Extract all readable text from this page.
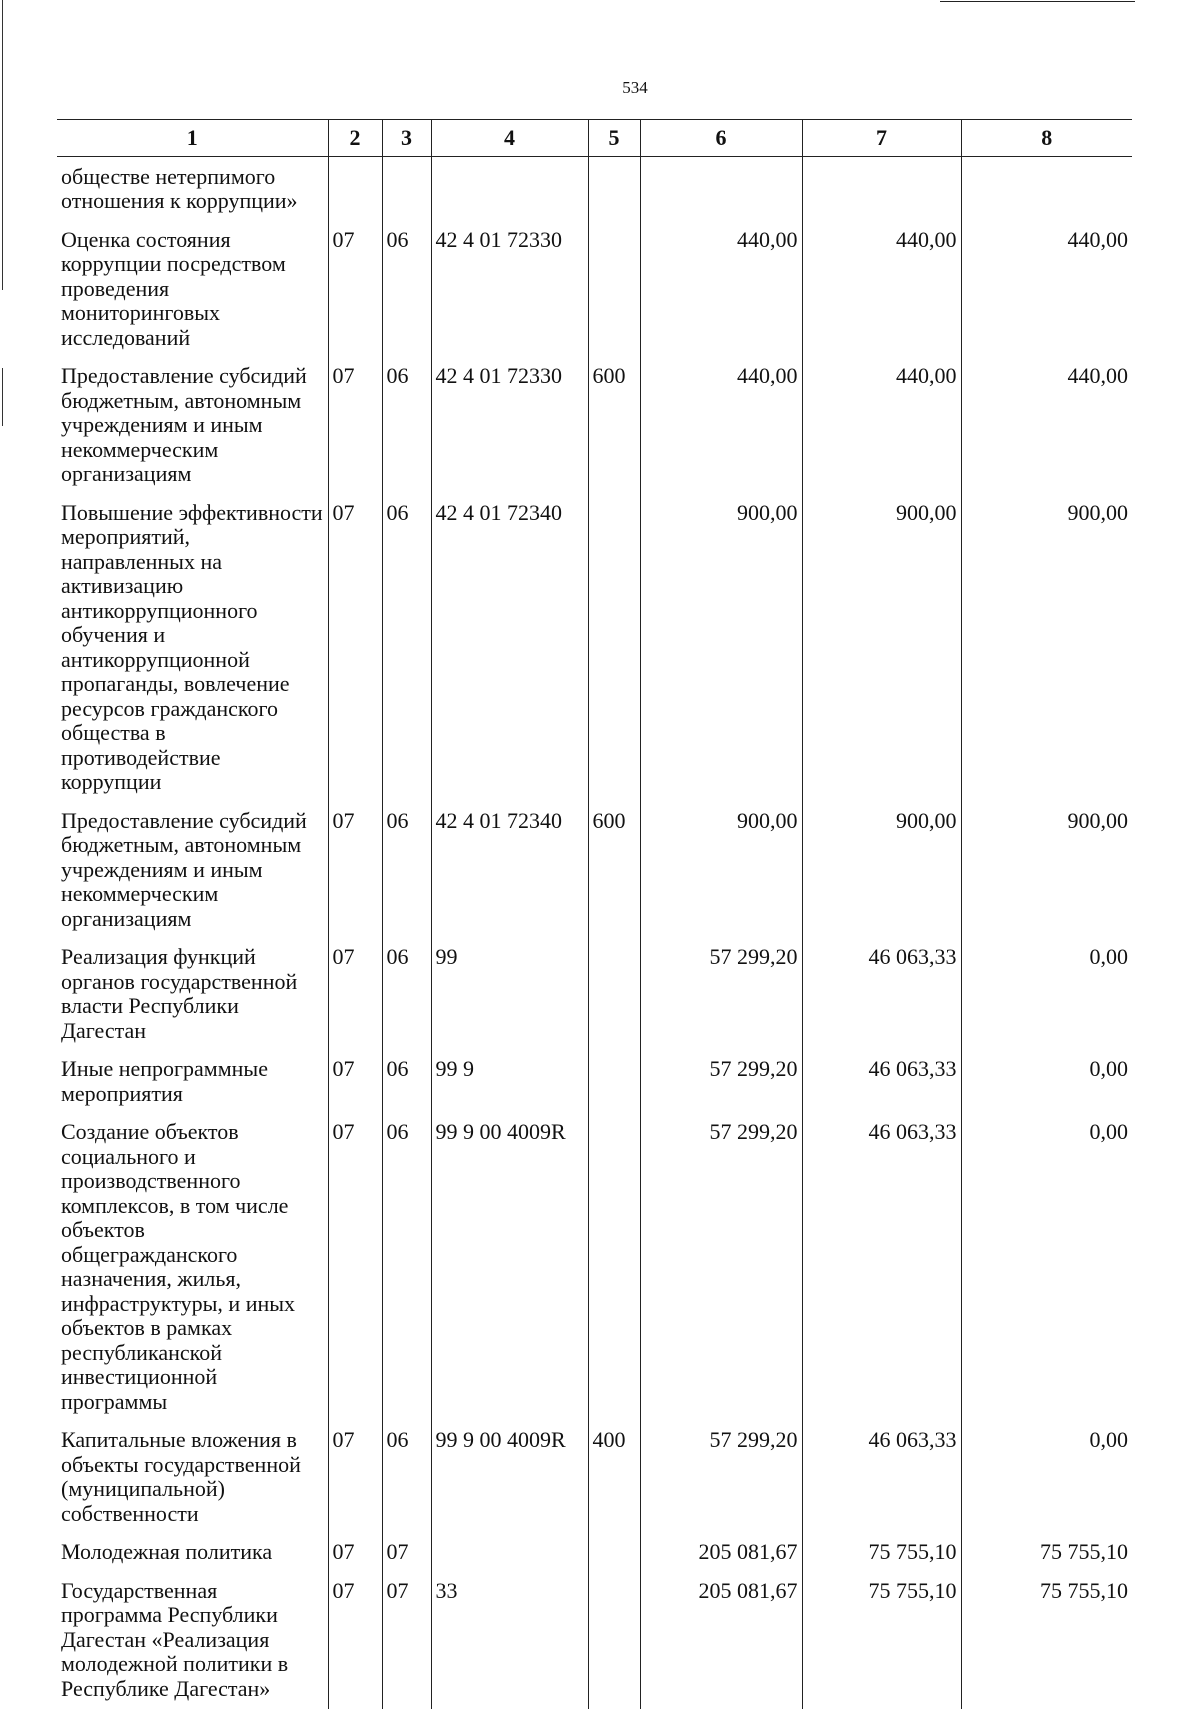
534
1	2	3	4	5	6	7	8
обществе нетерпимого отношения к коррупции»							
Оценка состояния коррупции посредством проведения мониторинговых исследований	07	06	42 4 01 72330		440,00	440,00	440,00
Предоставление субсидий бюджетным, автономным учреждениям и иным некоммерческим организациям	07	06	42 4 01 72330	600	440,00	440,00	440,00
Повышение эффективности мероприятий, направленных на активизацию антикоррупционного обучения и антикоррупционной пропаганды, вовлечение ресурсов гражданского общества в противодействие коррупции	07	06	42 4 01 72340		900,00	900,00	900,00
Предоставление субсидий бюджетным, автономным учреждениям и иным некоммерческим организациям	07	06	42 4 01 72340	600	900,00	900,00	900,00
Реализация функций органов государственной власти Республики Дагестан	07	06	99		57 299,20	46 063,33	0,00
Иные непрограммные мероприятия	07	06	99 9		57 299,20	46 063,33	0,00
Создание объектов социального и производственного комплексов, в том числе объектов общегражданского назначения, жилья, инфраструктуры, и иных объектов в рамках республиканской инвестиционной программы	07	06	99 9 00 4009R		57 299,20	46 063,33	0,00
Капитальные вложения в объекты государственной (муниципальной) собственности	07	06	99 9 00 4009R	400	57 299,20	46 063,33	0,00
Молодежная политика	07	07			205 081,67	75 755,10	75 755,10
Государственная программа Республики Дагестан «Реализация молодежной политики в Республике Дагестан»	07	07	33		205 081,67	75 755,10	75 755,10
